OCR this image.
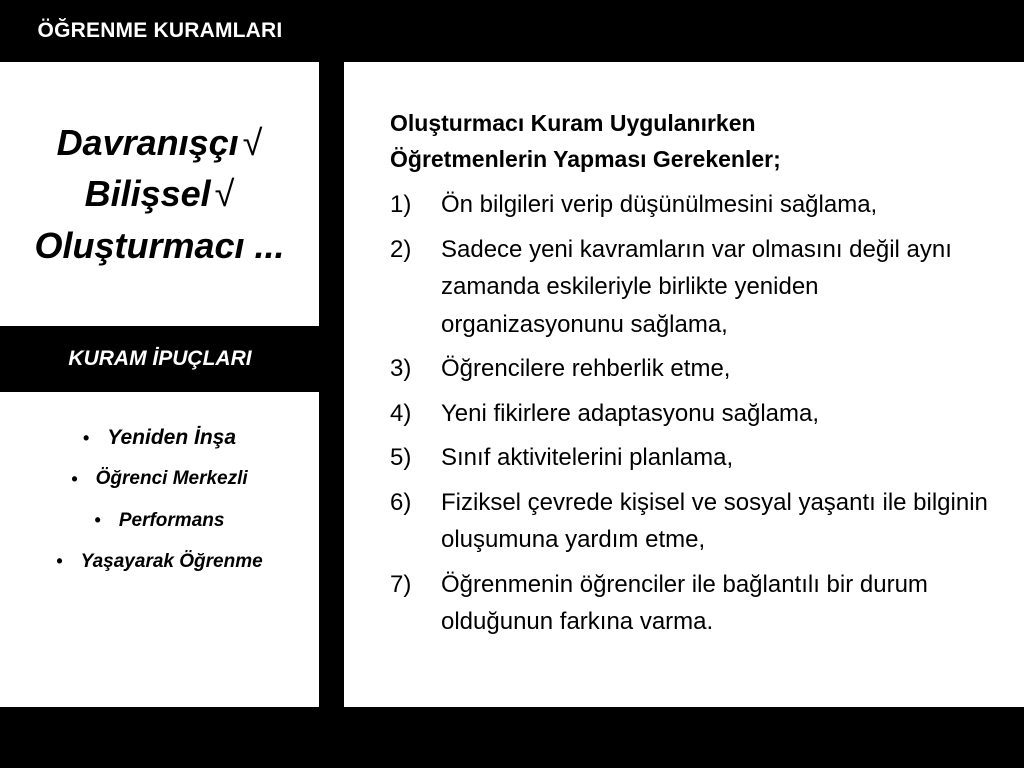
ÖĞRENME KURAMLARI
Davranışçı √
Bilişsel √
Oluşturmacı ...
KURAM İPUÇLARI
• Yeniden İnşa
• Öğrenci Merkezli
• Performans
• Yaşayarak Öğrenme
Oluşturmacı Kuram Uygulanırken
Öğretmenlerin Yapması Gerekenler;
1) Ön bilgileri verip düşünülmesini sağlama,
2) Sadece yeni kavramların var olmasını değil aynı zamanda eskileriyle birlikte yeniden organizasyonunu sağlama,
3) Öğrencilere rehberlik etme,
4) Yeni fikirlere adaptasyonu sağlama,
5) Sınıf aktivitelerini planlama,
6) Fiziksel çevrede kişisel ve sosyal yaşantı ile bilginin oluşumuna yardım etme,
7) Öğrenmenin öğrenciler ile bağlantılı bir durum olduğunun farkına varma.
